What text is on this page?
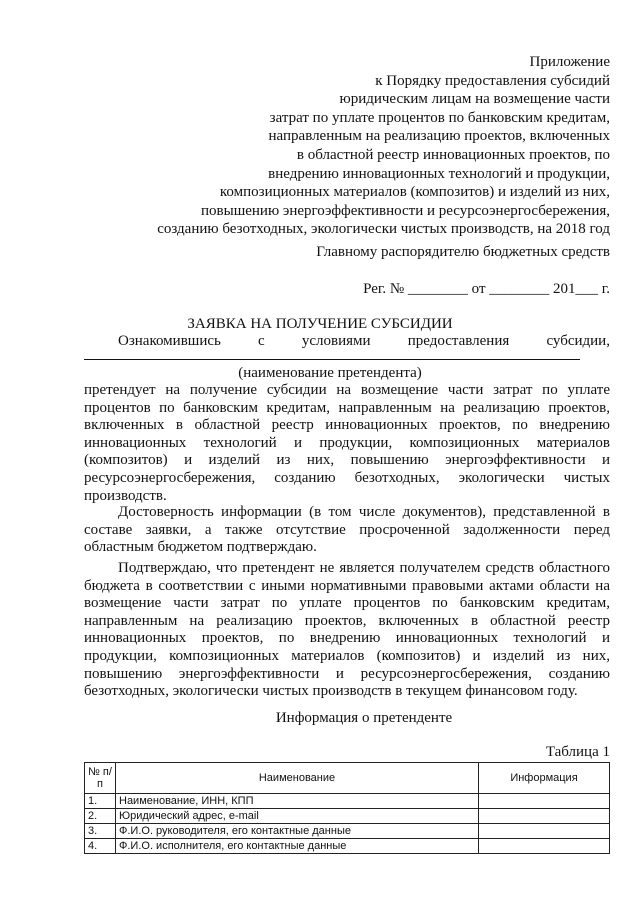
Приложение
к Порядку предоставления субсидий
юридическим лицам на возмещение части
затрат по уплате процентов по банковским кредитам,
направленным на реализацию проектов, включенных
в областной реестр инновационных проектов, по
внедрению инновационных технологий и продукции,
композиционных материалов (композитов) и изделий из них,
повышению энергоэффективности и ресурсоэнергосбережения,
созданию безотходных, экологически чистых производств, на 2018 год
Главному распорядителю бюджетных средств
Рег. № ________ от ________ 201___ г.
ЗАЯВКА НА ПОЛУЧЕНИЕ СУБСИДИИ
Ознакомившись с условиями предоставления субсидии,
(наименование претендента)
претендует на получение субсидии на возмещение части затрат по уплате процентов по банковским кредитам, направленным на реализацию проектов, включенных в областной реестр инновационных проектов, по внедрению инновационных технологий и продукции, композиционных материалов (композитов) и изделий из них, повышению энергоэффективности и ресурсоэнергосбережения, созданию безотходных, экологически чистых производств.
Достоверность информации (в том числе документов), представленной в составе заявки, а также отсутствие просроченной задолженности перед областным бюджетом подтверждаю.
Подтверждаю, что претендент не является получателем средств областного бюджета в соответствии с иными нормативными правовыми актами области на возмещение части затрат по уплате процентов по банковским кредитам, направленным на реализацию проектов, включенных в областной реестр инновационных проектов, по внедрению инновационных технологий и продукции, композиционных материалов (композитов) и изделий из них, повышению энергоэффективности и ресурсоэнергосбережения, созданию безотходных, экологически чистых производств в текущем финансовом году.
Информация о претенденте
Таблица 1
№ п/п	Наименование	Информация
1.	Наименование, ИНН, КПП	
2.	Юридический адрес, e-mail	
3.	Ф.И.О. руководителя, его контактные данные	
4.	Ф.И.О. исполнителя, его контактные данные	
